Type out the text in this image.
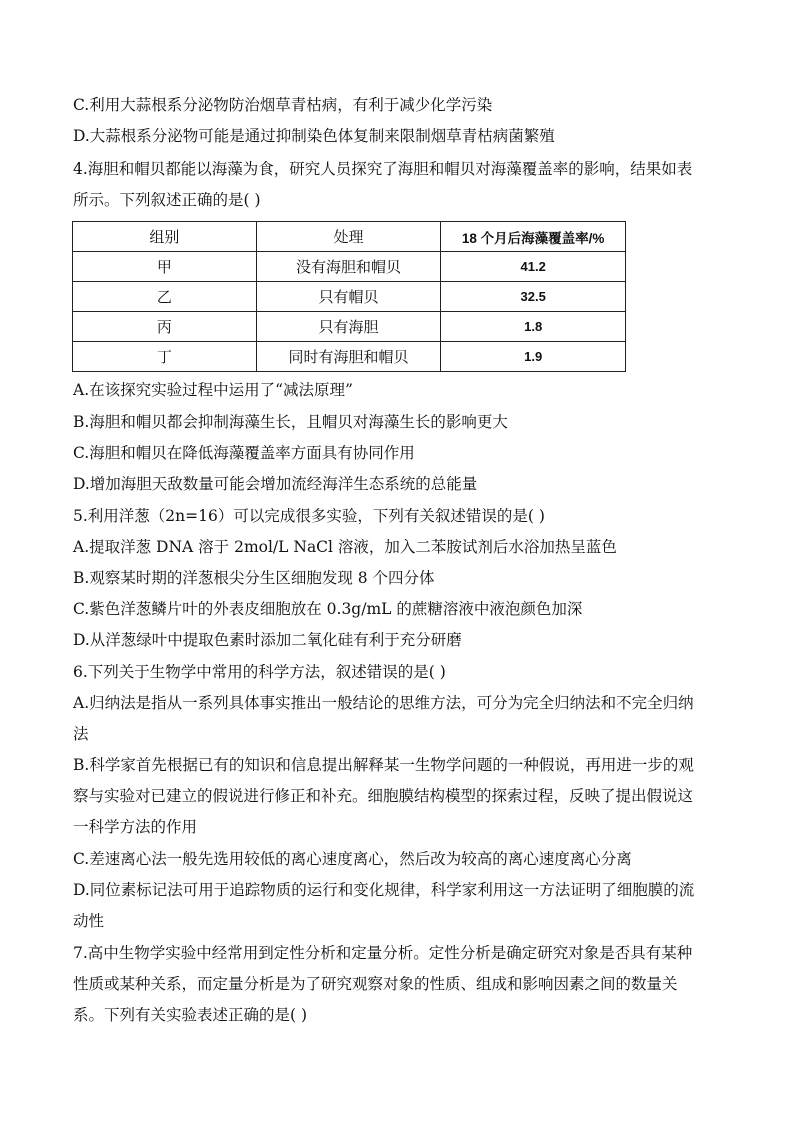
C.利用大蒜根系分泌物防治烟草青枯病，有利于减少化学污染
D.大蒜根系分泌物可能是通过抑制染色体复制来限制烟草青枯病菌繁殖
4.海胆和帽贝都能以海藻为食，研究人员探究了海胆和帽贝对海藻覆盖率的影响，结果如表
所示。下列叙述正确的是( )
组别	处理	18 个月后海藻覆盖率/%
甲	没有海胆和帽贝	41.2
乙	只有帽贝	32.5
丙	只有海胆	1.8
丁	同时有海胆和帽贝	1.9
A.在该探究实验过程中运用了“减法原理”
B.海胆和帽贝都会抑制海藻生长，且帽贝对海藻生长的影响更大
C.海胆和帽贝在降低海藻覆盖率方面具有协同作用
D.增加海胆天敌数量可能会增加流经海洋生态系统的总能量
5.利用洋葱（2n=16）可以完成很多实验，下列有关叙述错误的是( )
A.提取洋葱 DNA 溶于 2mol/L NaCl 溶液，加入二苯胺试剂后水浴加热呈蓝色
B.观察某时期的洋葱根尖分生区细胞发现 8 个四分体
C.紫色洋葱鳞片叶的外表皮细胞放在 0.3g/mL 的蔗糖溶液中液泡颜色加深
D.从洋葱绿叶中提取色素时添加二氧化硅有利于充分研磨
6.下列关于生物学中常用的科学方法，叙述错误的是( )
A.归纳法是指从一系列具体事实推出一般结论的思维方法，可分为完全归纳法和不完全归纳
法
B.科学家首先根据已有的知识和信息提出解释某一生物学问题的一种假说，再用进一步的观
察与实验对已建立的假说进行修正和补充。细胞膜结构模型的探索过程，反映了提出假说这
一科学方法的作用
C.差速离心法一般先选用较低的离心速度离心，然后改为较高的离心速度离心分离
D.同位素标记法可用于追踪物质的运行和变化规律，科学家利用这一方法证明了细胞膜的流
动性
7.高中生物学实验中经常用到定性分析和定量分析。定性分析是确定研究对象是否具有某种
性质或某种关系，而定量分析是为了研究观察对象的性质、组成和影响因素之间的数量关
系。下列有关实验表述正确的是( )
